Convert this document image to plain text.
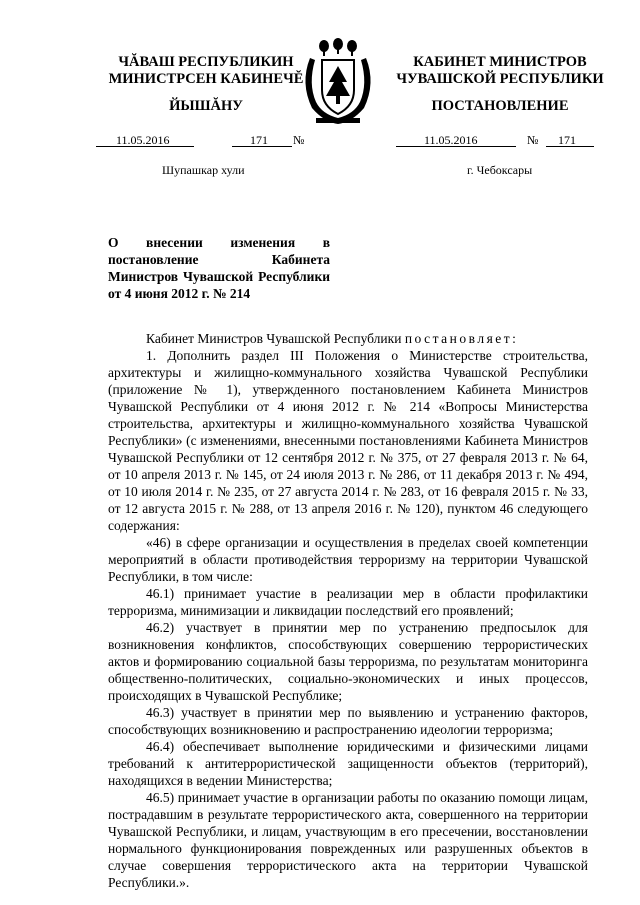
ЧĂВАШ РЕСПУБЛИКИН
МИНИСТРСЕН КАБИНЕЧĔ
ЙЫШĂНУ
КАБИНЕТ МИНИСТРОВ
ЧУВАШСКОЙ РЕСПУБЛИКИ
ПОСТАНОВЛЕНИЕ
11.05.2016	171 №	11.05.2016	№ 171
Шупашкар хули	г. Чебоксары
О внесении изменения в постановление Кабинета Министров Чувашской Республики от 4 июня 2012 г. № 214

Кабинет Министров Чувашской Республики постановляет:

1. Дополнить раздел III Положения о Министерстве строительства, архитектуры и жилищно-коммунального хозяйства Чувашской Республики (приложение № 1), утвержденного постановлением Кабинета Министров Чувашской Республики от 4 июня 2012 г. № 214 «Вопросы Министерства строительства, архитектуры и жилищно-коммунального хозяйства Чувашской Республики» (с изменениями, внесенными постановлениями Кабинета Министров Чувашской Республики от 12 сентября 2012 г. № 375, от 27 февраля 2013 г. № 64, от 10 апреля 2013 г. № 145, от 24 июля 2013 г. № 286, от 11 декабря 2013 г. № 494, от 10 июля 2014 г. № 235, от 27 августа 2014 г. № 283, от 16 февраля 2015 г. № 33, от 12 августа 2015 г. № 288, от 13 апреля 2016 г. № 120), пунктом 46 следующего содержания:

«46) в сфере организации и осуществления в пределах своей компетенции мероприятий в области противодействия терроризму на территории Чувашской Республики, в том числе:

46.1) принимает участие в реализации мер в области профилактики терроризма, минимизации и ликвидации последствий его проявлений;

46.2) участвует в принятии мер по устранению предпосылок для возникновения конфликтов, способствующих совершению террористических актов и формированию социальной базы терроризма, по результатам мониторинга общественно-политических, социально-экономических и иных процессов, происходящих в Чувашской Республике;

46.3) участвует в принятии мер по выявлению и устранению факторов, способствующих возникновению и распространению идеологии терроризма;

46.4) обеспечивает выполнение юридическими и физическими лицами требований к антитеррористической защищенности объектов (территорий), находящихся в ведении Министерства;

46.5) принимает участие в организации работы по оказанию помощи лицам, пострадавшим в результате террористического акта, совершенного на территории Чувашской Республики, и лицам, участвующим в его пресечении, восстановлении нормального функционирования поврежденных или разрушенных объектов в случае совершения террористического акта на территории Чувашской Республики.».
